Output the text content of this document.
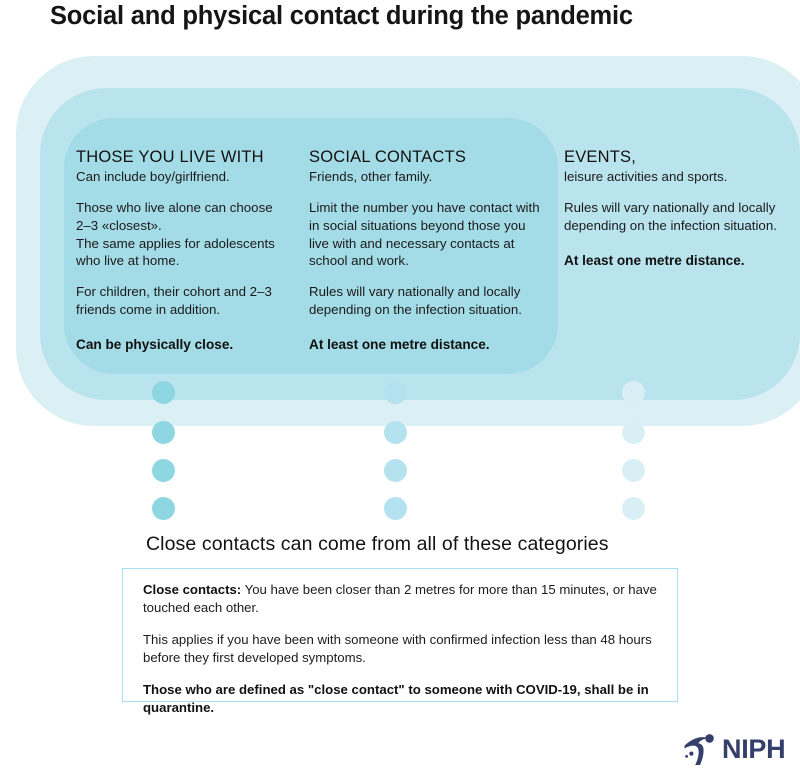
Social and physical contact during the pandemic

THOSE YOU LIVE WITH

Can include boy/girlfriend.

Those who live alone can choose 2–3 «closest».

The same applies for adolescents who live at home.

For children, their cohort and 2–3 friends come in addition.

Can be physically close.

SOCIAL CONTACTS

Friends, other family.

Limit the number you have contact with in social situations beyond those you live with and necessary contacts at school and work.

Rules will vary nationally and locally depending on the infection situation.

At least one metre distance.

EVENTS,

leisure activities and sports.

Rules will vary nationally and locally depending on the infection situation.

At least one metre distance.

Close contacts can come from all of these categories

Close contacts: You have been closer than 2 metres for more than 15 minutes, or have touched each other.

This applies if you have been with someone with confirmed infection less than 48 hours before they first developed symptoms.

Those who are defined as "close contact" to someone with COVID-19, shall be in quarantine.

NIPH
